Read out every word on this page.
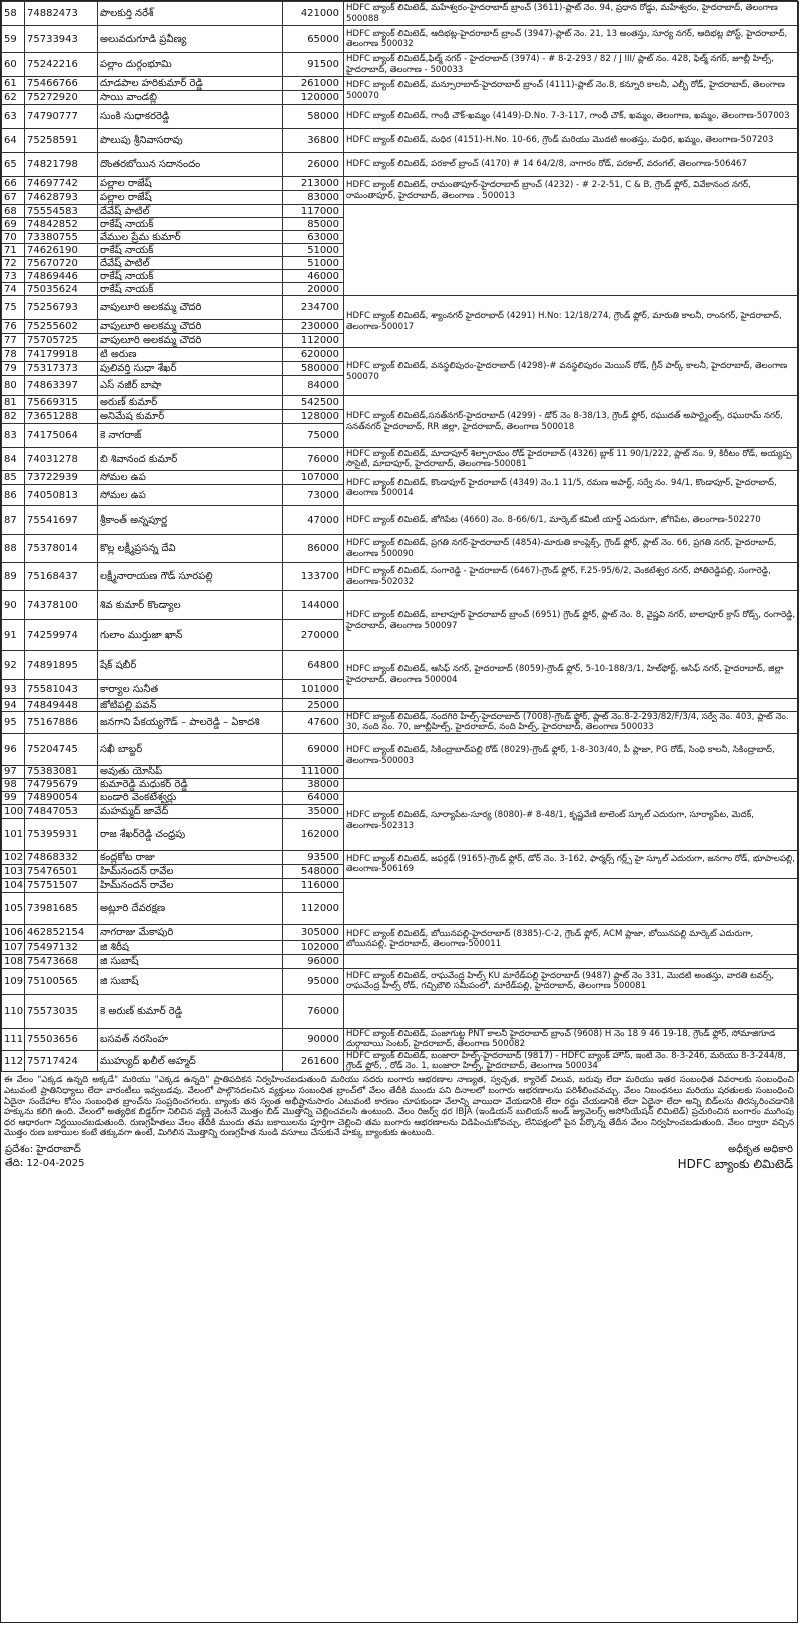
58	74882473	పొలకుర్తి నరేశ్	421000	HDFC బ్యాంక్ లిమిటెడ్, మహేశ్వరం-హైదరాబాద్ బ్రాంచ్ (3611)-ప్లాట్ నెం. 94, ప్రధాన రోడ్డు, మహేశ్వరం, హైదరాబాద్, తెలంగాణ 500088
59	75733943	అలువదుగూడి ప్రవీణ్య	65000	HDFC బ్యాంక్ లిమిటెడ్, ఆదిభట్ల-హైదరాబాద్ బ్రాంచ్ (3947)-ప్లాట్ నెం. 21, 13 అంతస్తు, సూర్య నగర్, ఆదిభట్ల పోస్ట్, హైదరాబాద్, తెలంగాణ 500032
60	75242216	పల్లాం దుర్గంభూమి	91500	HDFC బ్యాంక్ లిమిటెడ్,ఫిల్మ్ నగర్ - హైదరాబాద్ (3974) - # 8-2-293 / 82 / J III/ ప్లాట్ నం. 428, ఫిల్మ్ నగర్, జూబ్లీ హిల్స్, హైదరాబాద్, తెలంగాణ - 500033
61	75466766	దూడపాల హరికుమార్ రెడ్డి	261000	HDFC బ్యాంక్ లిమిటెడ్, మన్సూరాబాద్-హైదరాబాద్ బ్రాంచ్ (4111)-ప్లాట్ నెం.8, కన్నూరి కాలనీ, ఎల్బీ రోడ్, హైదరాబాద్, తెలంగాణ 500070
62	75272920	సాయి వాండబ్లి	120000	
63	74790777	సుంకి సుధాకరరెడ్డి	58000	HDFC బ్యాంక్ లిమిటెడ్, గాంధీ చౌక్-ఖమ్మం (4149)-D.No. 7-3-117, గాంధీ చౌక్, ఖమ్మం, తెలంగాణ, ఖమ్మం, తెలంగాణ-507003
64	75258591	పొలుపు శ్రీనివాసరావు	36800	HDFC బ్యాంక్ లిమిటెడ్, మధిర (4151)-H.No. 10-66, గ్రౌండ్ మరియు మొదటి అంతస్తు, మధిర, ఖమ్మం, తెలంగాణ-507203
65	74821798	దొంతరబోయిన సదానందం	26000	HDFC బ్యాంక్ లిమిటెడ్, పరకాల్ బ్రాంచ్ (4170) # 14 64/2/8, నాగారం రోడ్, పరకాల్, వరంగల్, తెలంగాణ-506467
66	74697742	పల్లాల రాజేష్	213000	HDFC బ్యాంక్ లిమిటెడ్, రామంతాపూర్-హైదరాబాద్ బ్రాంచ్ (4232) - # 2-2-51, C & B, గ్రౌండ్ ఫ్లోర్, వివేకానంద నగర్, రామంతాపూర్, హైదరాబాద్, తెలంగాణ . 500013
67	74628793	పల్లాల రాజేష్	83000	
68	75554583	దేవేష్ పాటిల్	117000	
69	74842852	రాకేష్ నాయక్	85000	
70	73380755	వేముల ప్రేమ కుమార్	63000	
71	74626190	రాకేష్ నాయక్	51000	
72	75670720	దేవేష్ పాటిల్	51000	
73	74869446	రాకేష్ నాయక్	46000	
74	75035624	రాకేష్ నాయక్	20000	
75	75256793	వాపులూరి అలకమ్మ చౌదరి	234700	HDFC బ్యాంక్ లిమిటెడ్, శ్యాంనగర్ హైదరాబాద్ (4291) H.No: 12/18/274, గ్రౌండ్ ఫ్లోర్, మారుతి కాలనీ, రాంనగర్, హైదరాబాద్, తెలంగాణ-500017
76	75255602	వాపులూరి అలకమ్మ చౌదరి	230000	
77	75705725	వాపులూరి అలకమ్మ చౌదరి	112000	
78	74179918	టి అరుణ	620000	HDFC బ్యాంక్ లిమిటెడ్, వనస్థలిపురం-హైదరాబాద్ (4298)-# వనస్థలిపురం మెయిన్ రోడ్, గ్రీన్ పార్క్ కాలనీ, హైదరాబాద్, తెలంగాణ 500070
79	75317373	పులివర్తి సుధా శేఖర్	580000	
80	74863397	ఎస్ నజీర్ బాషా	84000	
81	75669315	అరుణ్ కుమార్	542500	HDFC బ్యాంక్ లిమిటెడ్,సనత్‌నగర్-హైదరాబాద్ (4299) - డోర్ నెం 8-38/13, గ్రౌండ్ ఫ్లోర్, రఘుదత్ అపార్ట్మెంట్స్, రఘురామ్ నగర్, సనత్‌నగర్ హైదరాబాద్, RR జిల్లా, హైదరాబాద్, తెలంగాణ 500018
82	73651288	అనిమేష కుమార్	128000	
83	74175064	కె నాగరాజ్	75000	
84	74031278	బి శివానంద కుమార్	76000	HDFC బ్యాంక్ లిమిటెడ్, మాదాపూర్ శిల్పారామం రోడ్ హైదరాబాద్ (4326) బ్లాక్ 11 90/1/222, ప్లాట్ నం. 9, కిరీటం రోడ్, అయ్యప్ప సొసైటీ, మాదాపూర్, హైదరాబాద్, తెలంగాణ-500081
85	73722939	సోమల ఉప	107000	HDFC బ్యాంక్ లిమిటెడ్, కొండాపూర్ హైదరాబాద్ (4349) నెం.1 11/5, రమణ అపార్ట్, సర్వే నం. 94/1, కొండాపూర్, హైదరాబాద్, తెలంగాణ 500014
86	74050813	సోమల ఉప	73000	
87	75541697	శ్రీకాంత్ అన్నపూర్ణ	47000	HDFC బ్యాంక్ లిమిటెడ్, జోగిపేట (4660) నెం. 8-66/6/1, మార్కెట్ కమిటీ యార్డ్ ఎదురుగా, జోగిపేట, తెలంగాణ-502270
88	75378014	కొల్ల లక్ష్మీప్రసన్న దేవి	86000	HDFC బ్యాంక్ లిమిటెడ్, ప్రగతి నగర్-హైదరాబాద్ (4854)-మారుతి కాంప్లెక్స్, గ్రౌండ్ ఫ్లోర్, ప్లాట్ నెం. 66, ప్రగతి నగర్, హైదరాబాద్, తెలంగాణ 500090
89	75168437	లక్ష్మీనారాయణ గౌడ్ సూరపల్లి	133700	HDFC బ్యాంక్ లిమిటెడ్, సంగారెడ్డి - హైదరాబాద్ (6467)-గ్రౌండ్ ఫ్లోర్, F.25-95/6/2, వెంకటేశ్వర నగర్, పోతిరెడ్డిపల్లి, సంగారెడ్డి, తెలంగాణ-502032
90	74378100	శివ కుమార్ కొండ్యాల	144000	HDFC బ్యాంక్ లిమిటెడ్, బాలాపూర్ హైదరాబాద్ బ్రాంచ్ (6951) గ్రౌండ్ ఫ్లోర్, ప్లాట్ నెం. 8, వైష్ణవి నగర్, బాలాపూర్ క్రాస్ రోడ్స్, రంగారెడ్డి, హైదరాబాద్, తెలంగాణ 500097
91	74259974	గులాం ముర్తుజా ఖాన్	270000	
92	74891895	షేక్ షబీర్	64800	HDFC బ్యాంక్ లిమిటెడ్, ఆసిఫ్ నగర్, హైదరాబాద్ (8059)-గ్రౌండ్ ఫ్లోర్, 5-10-188/3/1, హిల్‌ఫోర్ట్, ఆసిఫ్ నగర్, హైదరాబాద్, జిల్లా హైదరాబాద్, తెలంగాణ 500004
93	75581043	కార్యాల సునీత	101000	
94	74849448	జోటిపల్లి పవన్	25000	
95	75167886	జనగాని పేకయ్యగౌడ్ – పాలరెడ్డి – ఏకాదశి	47600	HDFC బ్యాంక్ లిమిటెడ్, నందగిరి హిల్స్-హైదరాబాద్ (7008)-గ్రౌండ్ ఫ్లోర్, ప్లాట్ నెం.8-2-293/82/F/3/4, సర్వే నెం. 403, ప్లాట్ నెం. 30, నంది నం. 70, జూబ్లీహిల్స్, హైదరాబాద్, నంది హిల్స్, హైదరాబాద్, తెలంగాణ 500033
96	75204745	సఖీ బాబ్జర్	69000	HDFC బ్యాంక్ లిమిటెడ్, సికింద్రాబాద్‌పల్లి రోడ్ (8029)-గ్రౌండ్ ఫ్లోర్, 1-8-303/40, పీ ప్లాజా, PG రోడ్, సింధి కాలనీ, సికింద్రాబాద్, తెలంగాణ-500003
97	75383081	అవుతు యోసిప్	111000	
98	74795679	కుమారెడ్డి మధుకర్ రెడ్డి	38000	
99	74890054	బండారి వెంకటేశ్వర్లు	64000	HDFC బ్యాంక్ లిమిటెడ్, సూర్యాపేట-సూర్య (8080)-# 8-48/1, కృష్ణవేణి టాలెంట్ స్కూల్ ఎదురుగా, సూర్యాపేట, మెదక్, తెలంగాణ-502313
100	74847053	మహమ్మద్ జావేద్	35000	
101	75395931	రాజ శేఖర్‌రెడ్డి చంధ్రపు	162000	
102	74868332	కంద్లకోట రాజు	93500	HDFC బ్యాంక్ లిమిటెడ్, జఫర్గఢ్ (9165)-గ్రౌండ్ ఫ్లోర్, డోర్ నెం. 3-162, ఫార్మర్స్ గర్ల్స్ హై స్కూల్ ఎదురుగా, జనగాం రోడ్, భూపాలపల్లి, తెలంగాణ-506169
103	75476501	హిమ్‌నందన్ రావేల	548000	
104	75751507	హిమ్‌నందన్ రావేల	116000	
105	73981685	అట్లూరి దేవరక్షణ	112000	
106	462852154	నాగరాజు మేకాపురి	305000	HDFC బ్యాంక్ లిమిటెడ్, బోయినపల్లి-హైదరాబాద్ (8385)-C-2, గ్రౌండ్ ఫ్లోర్, ACM ప్లాజా, బోయినపల్లి మార్కెట్ ఎదురుగా, బోయినపల్లి, హైదరాబాద్, తెలంగాణ-500011
107	75497132	జి శిరీష	102000	
108	75473668	జి సుబాష్	96000	
109	75100565	జి సుబాష్	95000	HDFC బ్యాంక్ లిమిటెడ్, రాఘవేంద్ర హిల్స్ KU మారేడ్‌పల్లి హైదరాబాద్ (9487) ప్లాట్ నెం 331, మొదటి అంతస్తు, వారతి టవర్స్, రాఘవేంద్ర హిల్స్ రోడ్, గచ్చిబౌలి సమీపంలో, మారేడ్‌పల్లి, హైదరాబాద్, తెలంగాణ 500081
110	75573035	కె అరుణ్ కుమార్ రెడ్డి	76000	
111	75503656	బసవత్ నరసింహ	90000	HDFC బ్యాంక్ లిమిటెడ్, పంజాగుట్ట PNT కాలనీ హైదరాబాద్ బ్రాంచ్ (9608) H నెం 18 9 46 19-18, గ్రౌండ్ ఫ్లోర్, సోమాజిగూడ దుర్గాబాయి సెంటర్, హైదరాబాద్, తెలంగాణ 500082
112	75717424	ముహ్యుద్ ఖలీల్ అహ్మద్	261600	HDFC బ్యాంక్ లిమిటెడ్, బంజారా హిల్స్-హైదరాబాద్ (9817) - HDFC బ్యాంక్ హౌస్, ఇంటి నెం. 8-3-246, మరియు 8-3-244/8, గ్రౌండ్ ఫ్లోర్, , రోడ్ నెం. 1, బంజారా హిల్స్, హైదరాబాద్, తెలంగాణ 500034
ఈ వేలం "ఎక్కడ ఉన్నది అక్కడే" మరియు "ఎక్కడ ఉన్నది" ప్రాతిపదికన నిర్వహించబడుతుంది మరియు సదరు బంగారు ఆభరణాల నాణ్యత, స్వచ్ఛత, క్యారెట్ విలువ, బరువు లేదా మరియు ఇతర సంబంధిత వివరాలకు సంబంధించి ఎటువంటి ప్రాతినిధ్యాలు లేదా వారంటీలు ఇవ్వబడవు. వేలంలో పాల్గొనదలచిన వ్యక్తులు సంబంధిత బ్రాంచ్‌లో వేలం తేదీకి ముందు పని దినాలలో బంగారు ఆభరణాలను పరిశీలించవచ్చు. వేలం నిబంధనలు మరియు షరతులకు సంబంధించి ఏదైనా సందేహాల కోసం సంబంధిత బ్రాంచ్‌ను సంప్రదించగలరు. బ్యాంకు తన స్వంత అభీష్టానుసారం ఎటువంటి కారణం చూపకుండా వేలాన్ని వాయిదా వేయడానికి లేదా రద్దు చేయడానికి లేదా ఏదైనా లేదా అన్ని బిడ్‌లను తిరస్కరించడానికి హక్కును కలిగి ఉంది. వేలంలో అత్యధిక బిడ్డర్‌గా నిలిచిన వ్యక్తి వెంటనే మొత్తం బిడ్ మొత్తాన్ని చెల్లించవలసి ఉంటుంది. వేలం రిజర్వ్ ధర IBJA (ఇండియన్ బులియన్ అండ్ జ్యువెలర్స్ అసోసియేషన్ లిమిటెడ్) ప్రచురించిన బంగారం ముగింపు ధర ఆధారంగా నిర్ణయించబడుతుంది. రుణగ్రహీతలు వేలం తేదీకి ముందు తమ బకాయిలను పూర్తిగా చెల్లించి తమ బంగారు ఆభరణాలను విడిపించుకోవచ్చు, లేనిపక్షంలో పైన పేర్కొన్న తేదీన వేలం నిర్వహించబడుతుంది. వేలం ద్వారా వచ్చిన మొత్తం రుణ బకాయిల కంటే తక్కువగా ఉంటే, మిగిలిన మొత్తాన్ని రుణగ్రహీత నుండి వసూలు చేసుకునే హక్కు బ్యాంకుకు ఉంటుంది.
ప్రదేశం: హైదరాబాద్
తేది: 12-04-2025
అధీకృత అధికారి
HDFC బ్యాంకు లిమిటెడ్
